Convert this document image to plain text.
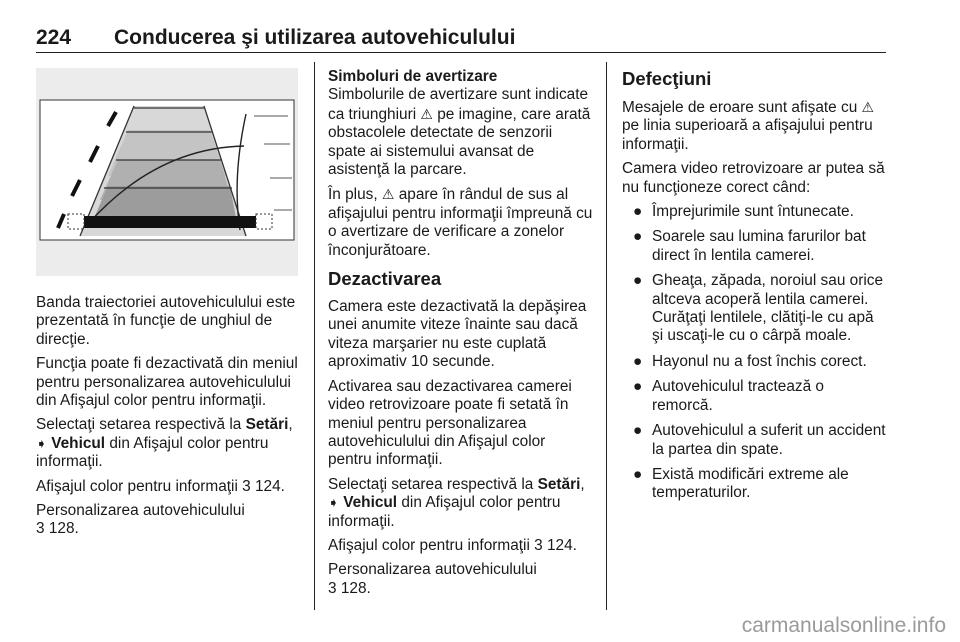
224 Conducerea şi utilizarea autovehiculului

Banda traiectoriei autovehiculului este prezentată în funcţie de unghiul de direcţie.

Funcţia poate fi dezactivată din meniul pentru personalizarea autovehiculului din Afişajul color pentru informaţii.

Selectaţi setarea respectivă la Setări,
➧ Vehicul din Afişajul color pentru informaţii.

Afişajul color pentru informaţii 3 124.

Personalizarea autovehiculului
3 128.

Simboluri de avertizare

Simbolurile de avertizare sunt indicate ca triunghiuri ⚠ pe imagine, care arată obstacolele detectate de senzorii spate ai sistemului avansat de asistenţă la parcare.

În plus, ⚠ apare în rândul de sus al afişajului pentru informaţii împreună cu o avertizare de verificare a zonelor înconjurătoare.

Dezactivarea

Camera este dezactivată la depăşirea unei anumite viteze înainte sau dacă viteza marşarier nu este cuplată aproximativ 10 secunde.

Activarea sau dezactivarea camerei video retrovizoare poate fi setată în meniul pentru personalizarea autovehiculului din Afişajul color pentru informaţii.

Selectaţi setarea respectivă la Setări,
➧ Vehicul din Afişajul color pentru informaţii.

Afişajul color pentru informaţii 3 124.

Personalizarea autovehiculului
3 128.

Defecţiuni

Mesajele de eroare sunt afişate cu ⚠ pe linia superioară a afişajului pentru informaţii.

Camera video retrovizoare ar putea să nu funcţioneze corect când:

● Împrejurimile sunt întunecate.
● Soarele sau lumina farurilor bat direct în lentila camerei.
● Gheaţa, zăpada, noroiul sau orice altceva acoperă lentila camerei. Curăţaţi lentilele, clătiţi-le cu apă şi uscaţi-le cu o cârpă moale.
● Hayonul nu a fost închis corect.
● Autovehiculul tractează o remorcă.
● Autovehiculul a suferit un accident la partea din spate.
● Există modificări extreme ale temperaturilor.
carmanualsonline.info
